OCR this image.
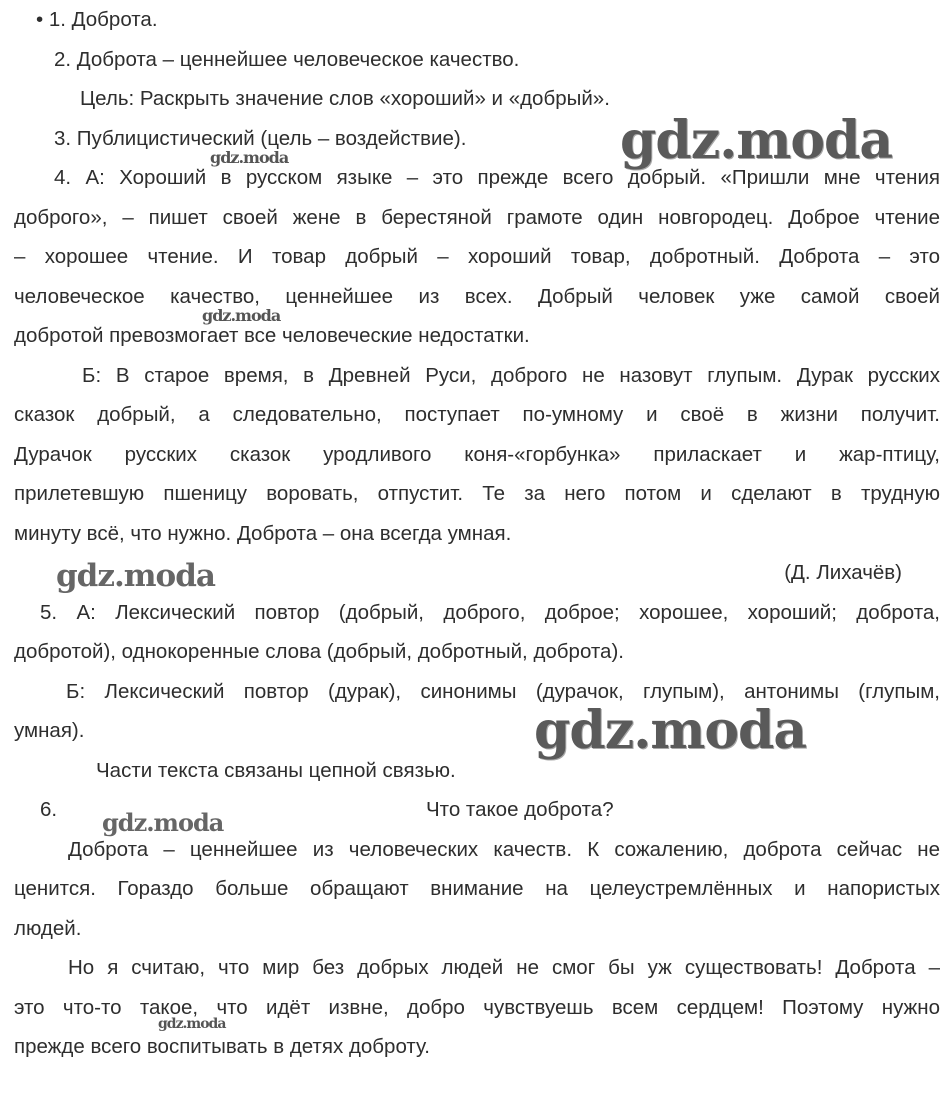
• 1. Доброта.
2. Доброта – ценнейшее человеческое качество.
Цель: Раскрыть значение слов «хороший» и «добрый».
3. Публицистический (цель – воздействие).
4. А: Хороший в русском языке – это прежде всего добрый. «Пришли мне чтения
доброго», – пишет своей жене в берестяной грамоте один новгородец. Доброе чтение
– хорошее чтение. И товар добрый – хороший товар, добротный. Доброта – это
человеческое качество, ценнейшее из всех. Добрый человек уже самой своей
добротой превозмогает все человеческие недостатки.
Б: В старое время, в Древней Руси, доброго не назовут глупым. Дурак русских
сказок добрый, а следовательно, поступает по-умному и своё в жизни получит.
Дурачок русских сказок уродливого коня-«горбунка» приласкает и жар-птицу,
прилетевшую пшеницу воровать, отпустит. Те за него потом и сделают в трудную
минуту всё, что нужно. Доброта – она всегда умная.
(Д. Лихачёв)
5. А: Лексический повтор (добрый, доброго, доброе; хорошее, хороший; доброта,
добротой), однокоренные слова (добрый, добротный, доброта).
Б: Лексический повтор (дурак), синонимы (дурачок, глупым), антонимы (глупым,
умная).
Части текста связаны цепной связью.
6.	Что такое доброта?
Доброта – ценнейшее из человеческих качеств. К сожалению, доброта сейчас не
ценится. Гораздо больше обращают внимание на целеустремлённых и напористых
людей.
Но я считаю, что мир без добрых людей не смог бы уж существовать! Доброта –
это что-то такое, что идёт извне, добро чувствуешь всем сердцем! Поэтому нужно
прежде всего воспитывать в детях доброту.
gdz.moda
gdz.moda
gdz.moda
gdz.moda
gdz.moda
gdz.moda
gdz.moda
